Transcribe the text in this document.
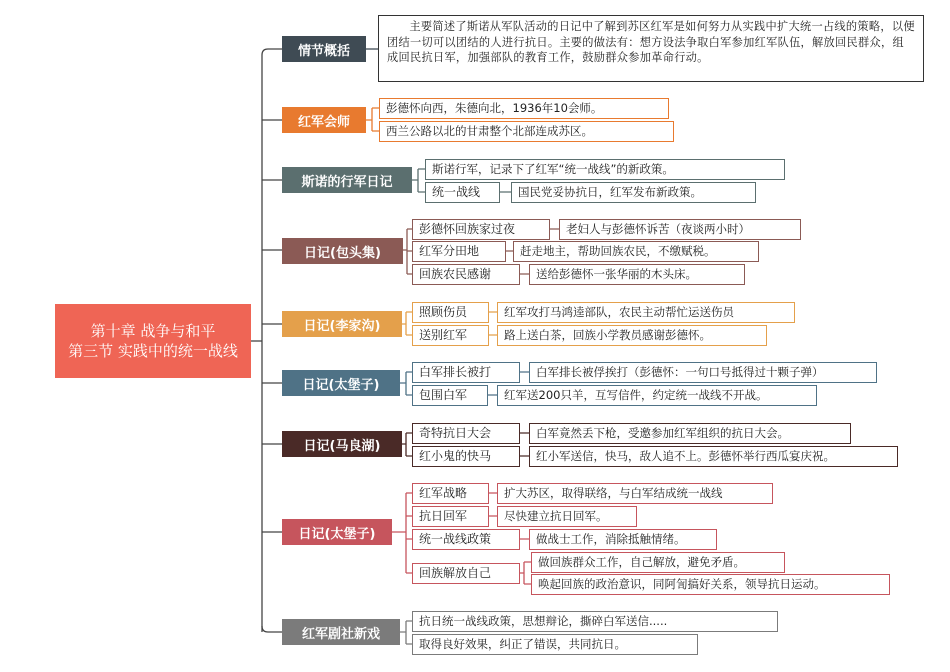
第十章 战争与和平
第三节 实践中的统一战线
情节概括
主要简述了斯诺从军队活动的日记中了解到苏区红军是如何努力从实践中扩大统一占线的策略，以便团结一切可以团结的人进行抗日。主要的做法有：想方设法争取白军参加红军队伍，解放回民群众，组成回民抗日军，加强部队的教育工作，鼓励群众参加革命行动。
红军会师
彭德怀向西，朱德向北，1936年10会师。
西兰公路以北的甘肃整个北部连成苏区。
斯诺的行军日记
斯诺行军，记录下了红军“统一战线”的新政策。
统一战线	国民党妥协抗日，红军发布新政策。
日记(包头集)
彭德怀回族家过夜	老妇人与彭德怀诉苦（夜谈两小时）
红军分田地	赶走地主，帮助回族农民，不缴赋税。
回族农民感谢	送给彭德怀一张华丽的木头床。
日记(李家沟)
照顾伤员	红军攻打马鸿逵部队，农民主动帮忙运送伤员
送别红军	路上送白茶，回族小学教员感谢彭德怀。
日记(太堡子)
白军排长被打	白军排长被俘挨打（彭德怀：一句口号抵得过十颗子弹）
包围白军	红军送200只羊，互写信件，约定统一战线不开战。
日记(马良湖)
奇特抗日大会	白军竟然丢下枪，受邀参加红军组织的抗日大会。
红小鬼的快马	红小军送信，快马，敌人追不上。彭德怀举行西瓜宴庆祝。
日记(太堡子)
红军战略	扩大苏区，取得联络，与白军结成统一战线
抗日回军	尽快建立抗日回军。
统一战线政策	做战士工作，消除抵触情绪。
回族解放自己
做回族群众工作，自己解放，避免矛盾。
唤起回族的政治意识，同阿訇搞好关系，领导抗日运动。
红军剧社新戏
抗日统一战线政策，思想辩论，撕碎白军送信.....
取得良好效果，纠正了错误，共同抗日。
